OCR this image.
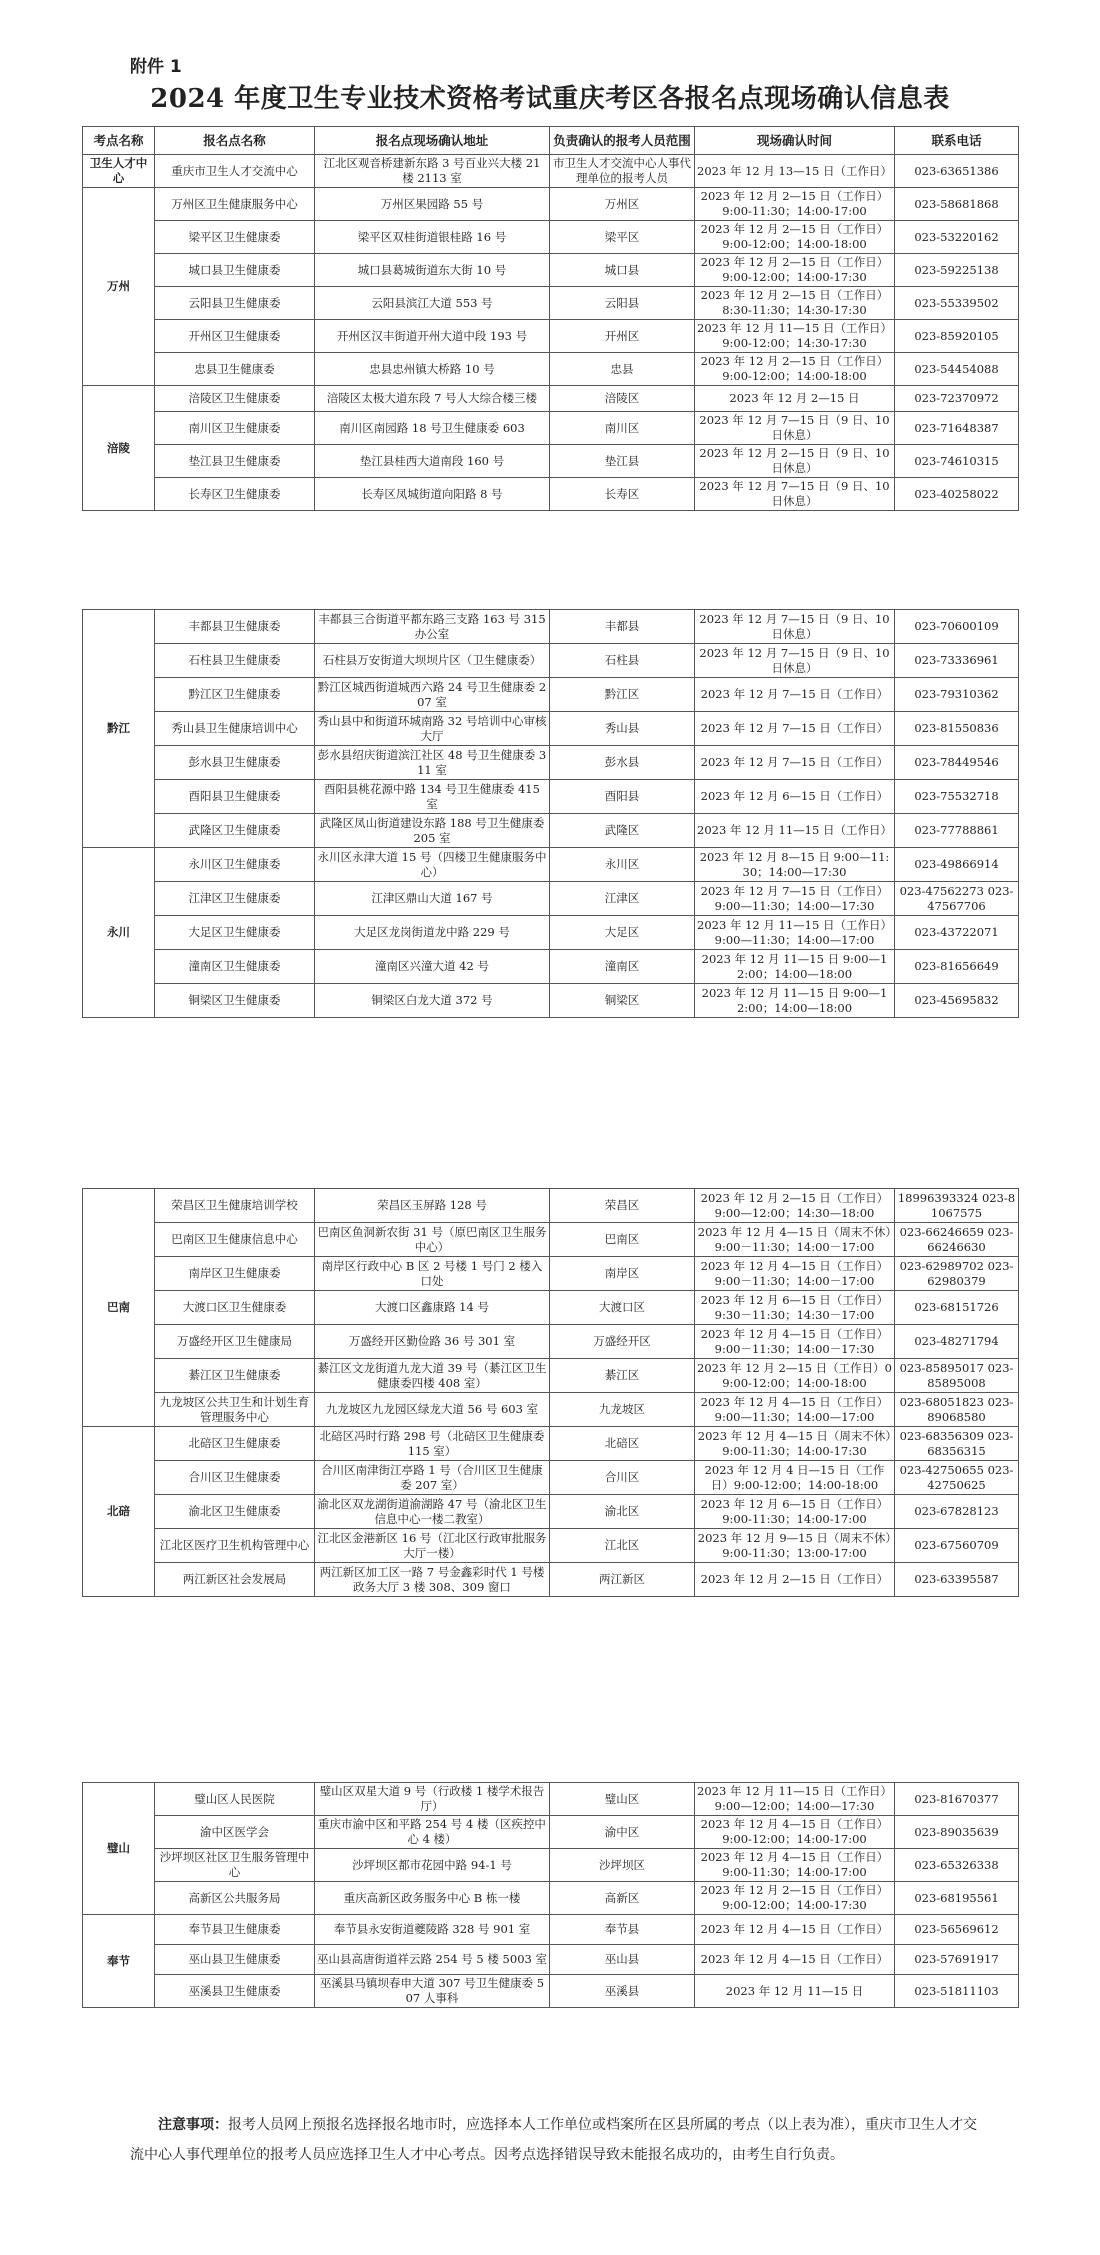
附件 1
2024 年度卫生专业技术资格考试重庆考区各报名点现场确认信息表
考点名称	报名点名称	报名点现场确认地址	负责确认的报考人员范围	现场确认时间	联系电话
卫生人才中心	重庆市卫生人才交流中心	江北区观音桥建新东路 3 号百业兴大楼 21 楼 2113 室	市卫生人才交流中心人事代理单位的报考人员	2023 年 12 月 13—15 日（工作日）	023-63651386
万州	万州区卫生健康服务中心	万州区果园路 55 号	万州区	2023 年 12 月 2—15 日（工作日）9:00-11:30；14:00-17:00	023-58681868
	梁平区卫生健康委	梁平区双桂街道银桂路 16 号	梁平区	2023 年 12 月 2—15 日（工作日）9:00-12:00；14:00-18:00	023-53220162
	城口县卫生健康委	城口县葛城街道东大街 10 号	城口县	2023 年 12 月 2—15 日（工作日）9:00-12:00；14:00-17:30	023-59225138
	云阳县卫生健康委	云阳县滨江大道 553 号	云阳县	2023 年 12 月 2—15 日（工作日）8:30-11:30；14:30-17:30	023-55339502
	开州区卫生健康委	开州区汉丰街道开州大道中段 193 号	开州区	2023 年 12 月 11—15 日（工作日）9:00-12:00；14:30-17:30	023-85920105
	忠县卫生健康委	忠县忠州镇大桥路 10 号	忠县	2023 年 12 月 2—15 日（工作日）9:00-12:00；14:00-18:00	023-54454088
涪陵	涪陵区卫生健康委	涪陵区太极大道东段 7 号人大综合楼三楼	涪陵区	2023 年 12 月 2—15 日	023-72370972
	南川区卫生健康委	南川区南园路 18 号卫生健康委 603	南川区	2023 年 12 月 7—15 日（9 日、10 日休息）	023-71648387
	垫江县卫生健康委	垫江县桂西大道南段 160 号	垫江县	2023 年 12 月 2—15 日（9 日、10 日休息）	023-74610315
	长寿区卫生健康委	长寿区凤城街道向阳路 8 号	长寿区	2023 年 12 月 7—15 日（9 日、10 日休息）	023-40258022
黔江	丰都县卫生健康委	丰都县三合街道平都东路三支路 163 号 315 办公室	丰都县	2023 年 12 月 7—15 日（9 日、10 日休息）	023-70600109
	石柱县卫生健康委	石柱县万安街道大坝坝片区（卫生健康委）	石柱县	2023 年 12 月 7—15 日（9 日、10 日休息）	023-73336961
	黔江区卫生健康委	黔江区城西街道城西六路 24 号卫生健康委 207 室	黔江区	2023 年 12 月 7—15 日（工作日）	023-79310362
	秀山县卫生健康培训中心	秀山县中和街道环城南路 32 号培训中心审核大厅	秀山县	2023 年 12 月 7—15 日（工作日）	023-81550836
	彭水县卫生健康委	彭水县绍庆街道滨江社区 48 号卫生健康委 311 室	彭水县	2023 年 12 月 7—15 日（工作日）	023-78449546
	酉阳县卫生健康委	酉阳县桃花源中路 134 号卫生健康委 415 室	酉阳县	2023 年 12 月 6—15 日（工作日）	023-75532718
	武隆区卫生健康委	武隆区凤山街道建设东路 188 号卫生健康委 205 室	武隆区	2023 年 12 月 11—15 日（工作日）	023-77788861
永川	永川区卫生健康委	永川区永津大道 15 号（四楼卫生健康服务中心）	永川区	2023 年 12 月 8—15 日 9:00—11:30；14:00—17:30	023-49866914
	江津区卫生健康委	江津区鼎山大道 167 号	江津区	2023 年 12 月 7—15 日（工作日）9:00—11:30；14:00—17:30	023-47562273 023-47567706
	大足区卫生健康委	大足区龙岗街道龙中路 229 号	大足区	2023 年 12 月 11—15 日（工作日）9:00—11:30；14:00—17:00	023-43722071
	潼南区卫生健康委	潼南区兴潼大道 42 号	潼南区	2023 年 12 月 11—15 日 9:00—12:00；14:00—18:00	023-81656649
	铜梁区卫生健康委	铜梁区白龙大道 372 号	铜梁区	2023 年 12 月 11—15 日 9:00—12:00；14:00—18:00	023-45695832
巴南	荣昌区卫生健康培训学校	荣昌区玉屏路 128 号	荣昌区	2023 年 12 月 2—15 日（工作日）9:00—12:00；14:30—18:00	18996393324 023-81067575
	巴南区卫生健康信息中心	巴南区鱼洞新农街 31 号（原巴南区卫生服务中心）	巴南区	2023 年 12 月 4—15 日（周末不休）9:00－11:30；14:00－17:00	023-66246659 023-66246630
	南岸区卫生健康委	南岸区行政中心 B 区 2 号楼 1 号门 2 楼入口处	南岸区	2023 年 12 月 4—15 日（工作日）9:00－11:30；14:00－17:00	023-62989702 023-62980379
	大渡口区卫生健康委	大渡口区鑫康路 14 号	大渡口区	2023 年 12 月 6—15 日（工作日）9:30－11:30；14:30－17:00	023-68151726
	万盛经开区卫生健康局	万盛经开区勤俭路 36 号 301 室	万盛经开区	2023 年 12 月 4—15 日（工作日）9:00－11:30；14:00－17:30	023-48271794
	綦江区卫生健康委	綦江区文龙街道九龙大道 39 号（綦江区卫生健康委四楼 408 室）	綦江区	2023 年 12 月 2—15 日（工作日）09:00-12:00；14:00-18:00	023-85895017 023-85895008
	九龙坡区公共卫生和计划生育管理服务中心	九龙坡区九龙园区绿龙大道 56 号 603 室	九龙坡区	2023 年 12 月 4—15 日（工作日）9:00—11:30；14:00—17:00	023-68051823 023-89068580
北碚	北碚区卫生健康委	北碚区冯时行路 298 号（北碚区卫生健康委 115 室）	北碚区	2023 年 12 月 4—15 日（周末不休）9:00-11:30；14:00-17:30	023-68356309 023-68356315
	合川区卫生健康委	合川区南津街江亭路 1 号（合川区卫生健康委 207 室）	合川区	2023 年 12 月 4 日—15 日（工作日）9:00-12:00；14:00-18:00	023-42750655 023-42750625
	渝北区卫生健康委	渝北区双龙湖街道渝湖路 47 号（渝北区卫生信息中心一楼二教室）	渝北区	2023 年 12 月 6—15 日（工作日）9:00-11:30；14:00-17:00	023-67828123
	江北区医疗卫生机构管理中心	江北区金港新区 16 号（江北区行政审批服务大厅一楼）	江北区	2023 年 12 月 9—15 日（周末不休）9:00-11:30；13:00-17:00	023-67560709
	两江新区社会发展局	两江新区加工区一路 7 号金鑫彩时代 1 号楼政务大厅 3 楼 308、309 窗口	两江新区	2023 年 12 月 2—15 日（工作日）	023-63395587
璧山	璧山区人民医院	璧山区双星大道 9 号（行政楼 1 楼学术报告厅）	璧山区	2023 年 12 月 11—15 日（工作日）9:00—12:00；14:00—17:30	023-81670377
	渝中区医学会	重庆市渝中区和平路 254 号 4 楼（区疾控中心 4 楼）	渝中区	2023 年 12 月 4—15 日（工作日）9:00-12:00；14:00-17:00	023-89035639
	沙坪坝区社区卫生服务管理中心	沙坪坝区都市花园中路 94-1 号	沙坪坝区	2023 年 12 月 4—15 日（工作日）9:00-11:30；14:00-17:00	023-65326338
	高新区公共服务局	重庆高新区政务服务中心 B 栋一楼	高新区	2023 年 12 月 2—15 日（工作日）9:00-12:00；14:00-17:30	023-68195561
奉节	奉节县卫生健康委	奉节县永安街道夔陵路 328 号 901 室	奉节县	2023 年 12 月 4—15 日（工作日）	023-56569612
	巫山县卫生健康委	巫山县高唐街道祥云路 254 号 5 楼 5003 室	巫山县	2023 年 12 月 4—15 日（工作日）	023-57691917
	巫溪县卫生健康委	巫溪县马镇坝春申大道 307 号卫生健康委 507 人事科	巫溪县	2023 年 12 月 11—15 日	023-51811103
注意事项：报考人员网上预报名选择报名地市时，应选择本人工作单位或档案所在区县所属的考点（以上表为准），重庆市卫生人才交流中心人事代理单位的报考人员应选择卫生人才中心考点。因考点选择错误导致未能报名成功的，由考生自行负责。
